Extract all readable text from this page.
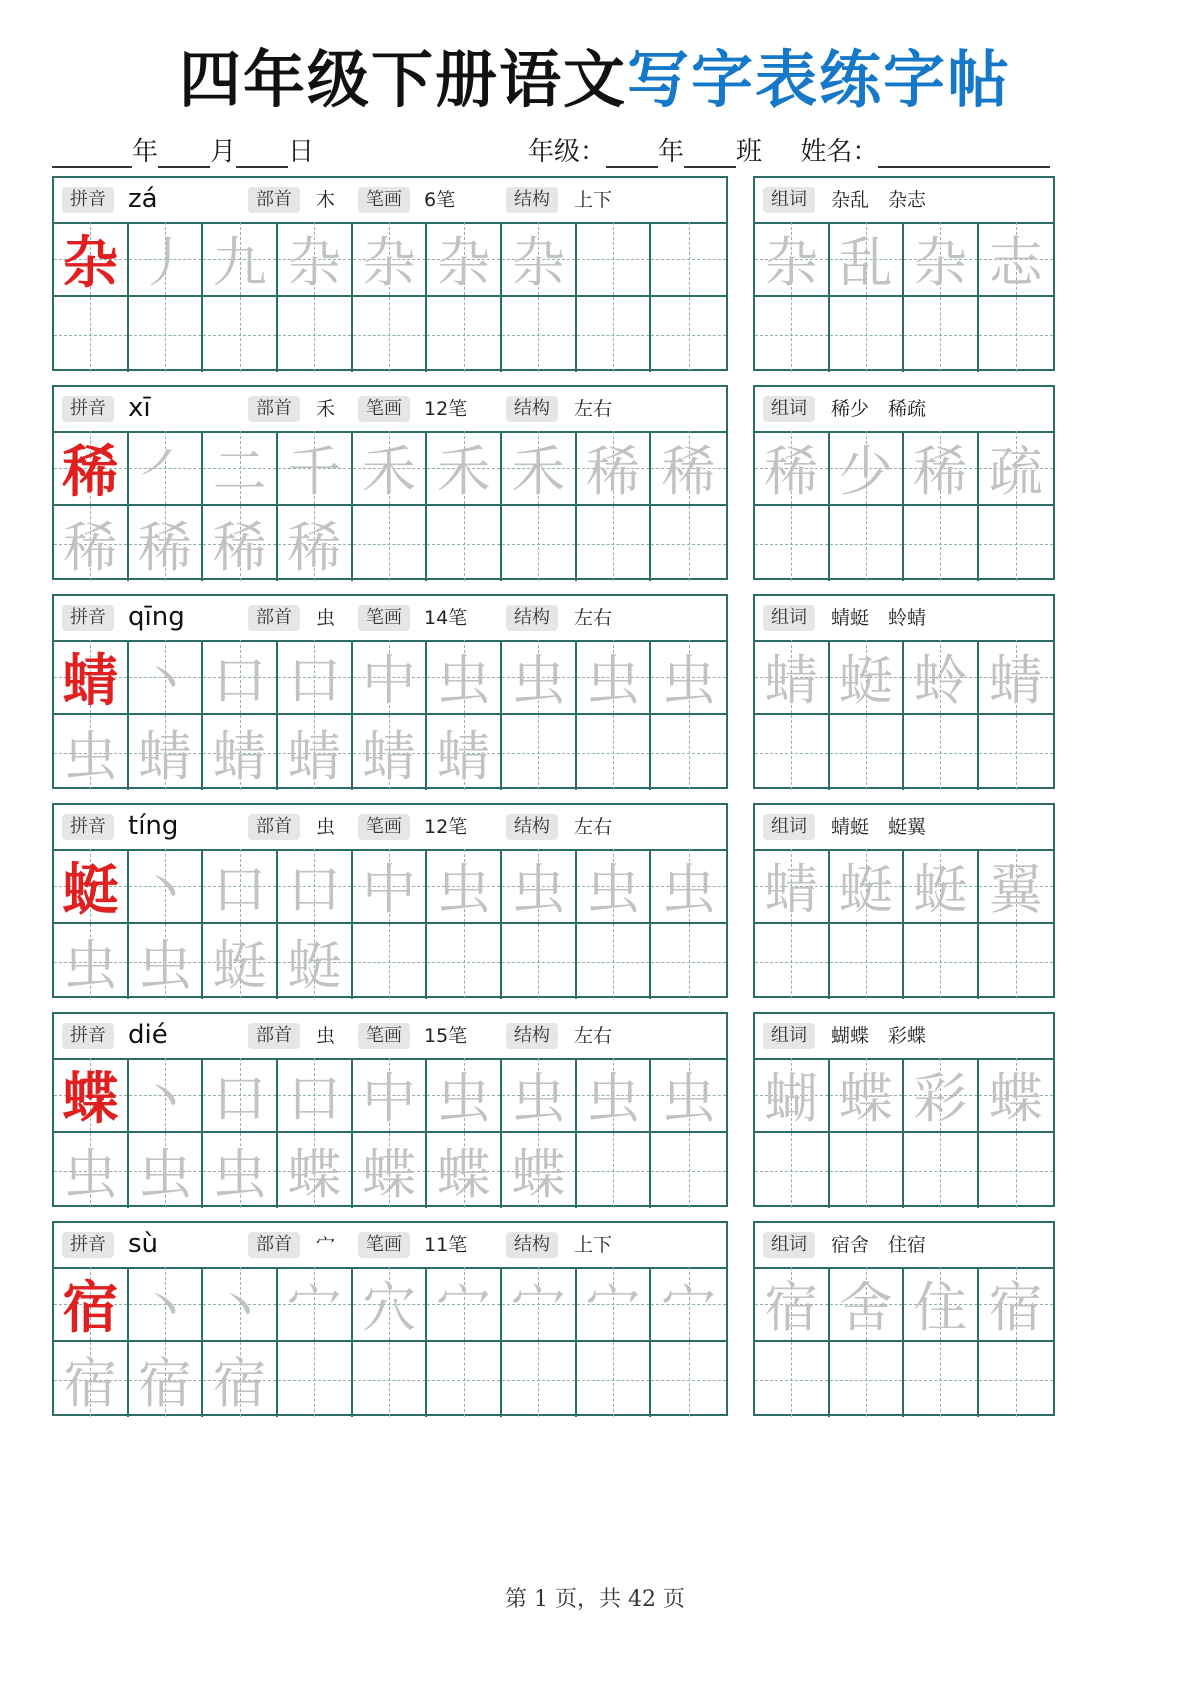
四年级下册语文写字表练字帖
年 月 日	年级： 年 班 姓名：
拼音 zá	部首	木	笔画	6笔	结构	上下
杂 丿 九 杂 杂 杂 杂
组词	杂乱　杂志
杂 乱 杂 志
拼音 xī	部首	禾	笔画	12笔	结构	左右
稀 ㇒ 二 千 禾 禾 禾 稀 稀
稀 稀 稀 稀
组词	稀少　稀疏
稀 少 稀 疏
拼音 qīng	部首	虫	笔画	14笔	结构	左右
蜻 丶 口 口 中 虫 虫 虫 虫
虫 蜻 蜻 蜻 蜻 蜻
组词	蜻蜓　蛉蜻
蜻 蜓 蛉 蜻
拼音 tíng	部首	虫	笔画	12笔	结构	左右
蜓 丶 口 口 中 虫 虫 虫 虫
虫 虫 蜓 蜓
组词	蜻蜓　蜓翼
蜻 蜓 蜓 翼
拼音 dié	部首	虫	笔画	15笔	结构	左右
蝶 丶 口 口 中 虫 虫 虫 虫
虫 虫 虫 蝶 蝶 蝶 蝶
组词	蝴蝶　彩蝶
蝴 蝶 彩 蝶
拼音 sù	部首	宀	笔画	11笔	结构	上下
宿 丶 丶 宀 穴 宀 宀 宀 宀
宿 宿 宿
组词	宿舍　住宿
宿 舍 住 宿
第 1 页，共 42 页
